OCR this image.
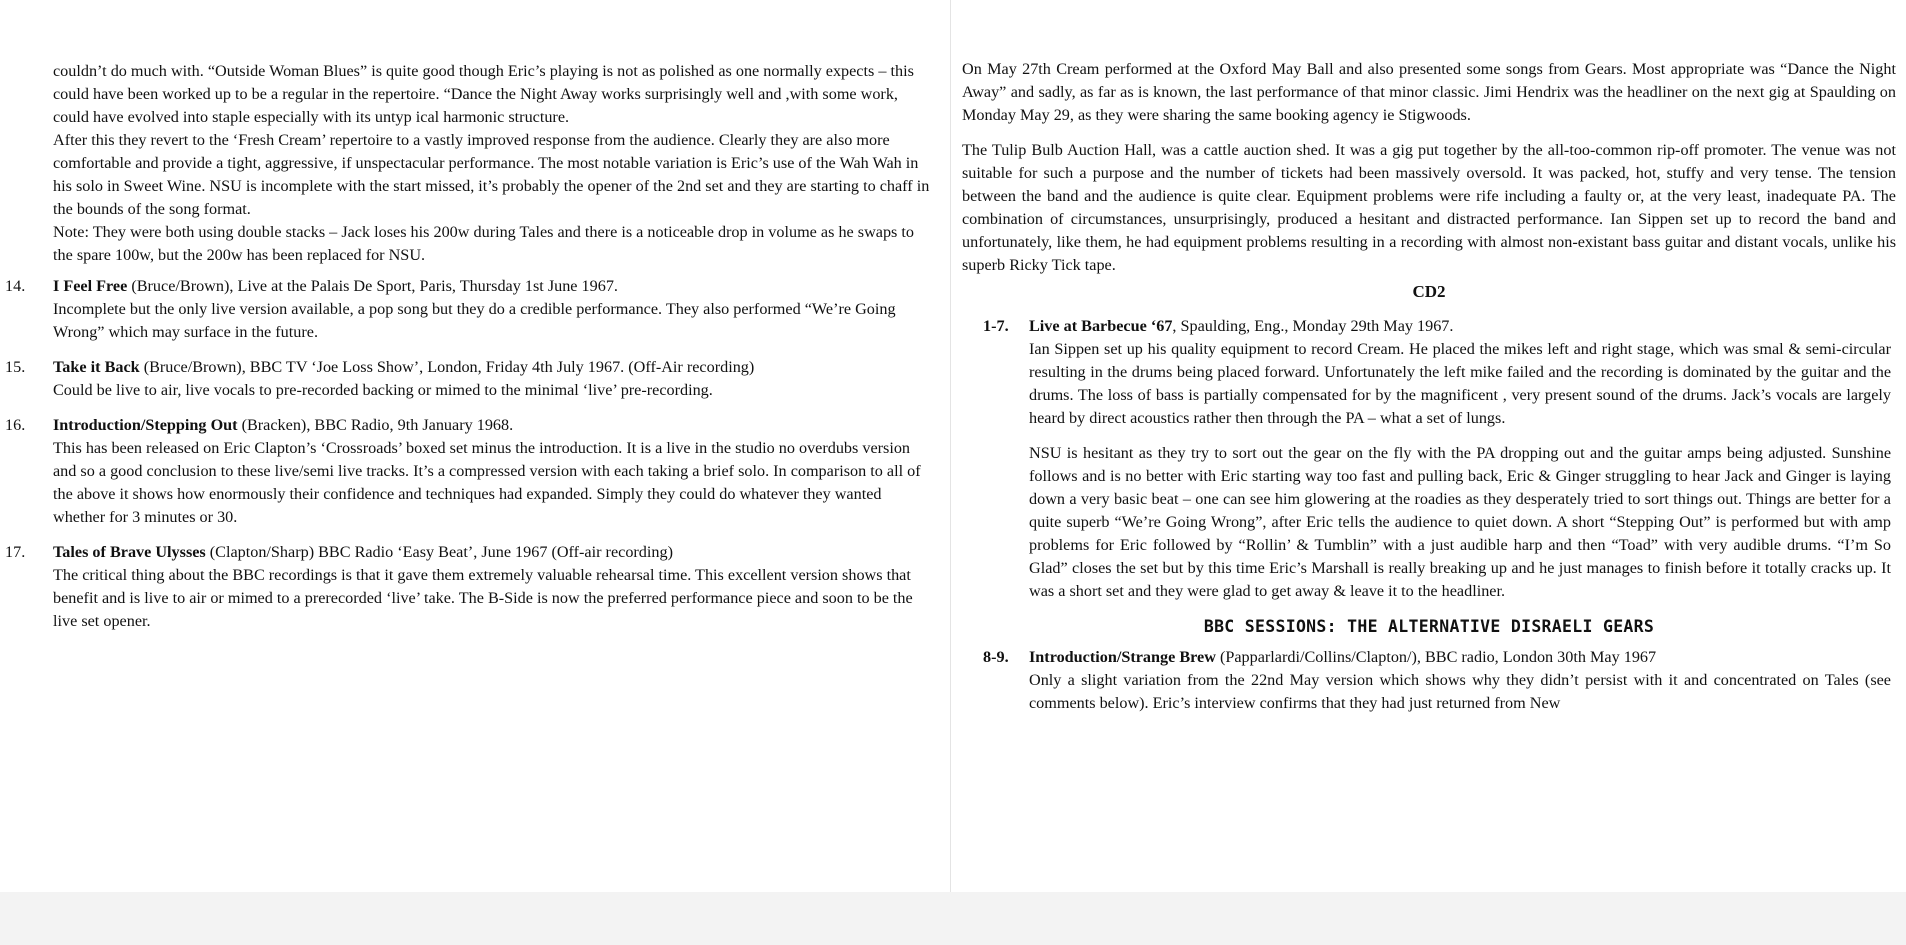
couldn’t do much with. “Outside Woman Blues” is quite good though Eric’s playing is not as polished as one normally expects – this could have been worked up to be a regular in the repertoire. “Dance the Night Away works surprisingly well and ,with some work, could have evolved into staple especially with its untyp ical harmonic structure.

After this they revert to the ‘Fresh Cream’ repertoire to a vastly improved response from the audience. Clearly they are also more comfortable and provide a tight, aggressive, if unspectacular performance. The most notable variation is Eric’s use of the Wah Wah in his solo in Sweet Wine. NSU is incomplete with the start missed, it’s probably the opener of the 2nd set and they are starting to chaff in the bounds of the song format.

Note: They were both using double stacks – Jack loses his 200w during Tales and there is a noticeable drop in volume as he swaps to the spare 100w, but the 200w has been replaced for NSU.

14. I Feel Free (Bruce/Brown), Live at the Palais De Sport, Paris, Thursday 1st June 1967.

Incomplete but the only live version available, a pop song but they do a credible performance. They also performed “We’re Going Wrong” which may surface in the future.

15. Take it Back (Bruce/Brown), BBC TV ‘Joe Loss Show’, London, Friday 4th July 1967. (Off-Air recording)

Could be live to air, live vocals to pre-recorded backing or mimed to the minimal ‘live’ pre-recording.

16. Introduction/Stepping Out (Bracken), BBC Radio, 9th January 1968.

This has been released on Eric Clapton’s ‘Crossroads’ boxed set minus the introduction. It is a live in the studio no overdubs version and so a good conclusion to these live/semi live tracks. It’s a compressed version with each taking a brief solo. In comparison to all of the above it shows how enormously their confidence and techniques had expanded. Simply they could do whatever they wanted whether for 3 minutes or 30.

17. Tales of Brave Ulysses (Clapton/Sharp) BBC Radio ‘Easy Beat’, June 1967 (Off-air recording)

The critical thing about the BBC recordings is that it gave them extremely valuable rehearsal time. This excellent version shows that benefit and is live to air or mimed to a prerecorded ‘live’ take. The B-Side is now the preferred performance piece and soon to be the live set opener.

On May 27th Cream performed at the Oxford May Ball and also presented some songs from Gears. Most appropriate was “Dance the Night Away” and sadly, as far as is known, the last performance of that minor classic. Jimi Hendrix was the headliner on the next gig at Spaulding on Monday May 29, as they were sharing the same booking agency ie Stigwoods.

The Tulip Bulb Auction Hall, was a cattle auction shed. It was a gig put together by the all-too-common rip-off promoter. The venue was not suitable for such a purpose and the number of tickets had been massively oversold. It was packed, hot, stuffy and very tense. The tension between the band and the audience is quite clear. Equipment problems were rife including a faulty or, at the very least, inadequate PA. The combination of circumstances, unsurprisingly, produced a hesitant and distracted performance. Ian Sippen set up to record the band and unfortunately, like them, he had equipment problems resulting in a recording with almost non-existant bass guitar and distant vocals, unlike his superb Ricky Tick tape.

CD2

1-7. Live at Barbecue ‘67, Spaulding, Eng., Monday 29th May 1967.

Ian Sippen set up his quality equipment to record Cream. He placed the mikes left and right stage, which was smal & semi-circular resulting in the drums being placed forward. Unfortunately the left mike failed and the recording is dominated by the guitar and the drums. The loss of bass is partially compensated for by the magnificent , very present sound of the drums. Jack’s vocals are largely heard by direct acoustics rather then through the PA – what a set of lungs.

NSU is hesitant as they try to sort out the gear on the fly with the PA dropping out and the guitar amps being adjusted. Sunshine follows and is no better with Eric starting way too fast and pulling back, Eric & Ginger struggling to hear Jack and Ginger is laying down a very basic beat – one can see him glowering at the roadies as they desperately tried to sort things out. Things are better for a quite superb “We’re Going Wrong”, after Eric tells the audience to quiet down. A short “Stepping Out” is performed but with amp problems for Eric followed by “Rollin’ & Tumblin” with a just audible harp and then “Toad” with very audible drums. “I’m So Glad” closes the set but by this time Eric’s Marshall is really breaking up and he just manages to finish before it totally cracks up. It was a short set and they were glad to get away & leave it to the headliner.

BBC SESSIONS: THE ALTERNATIVE DISRAELI GEARS

8-9. Introduction/Strange Brew (Papparlardi/Collins/Clapton/), BBC radio, London 30th May 1967

Only a slight variation from the 22nd May version which shows why they didn’t persist with it and concentrated on Tales (see comments below). Eric’s interview confirms that they had just returned from New
